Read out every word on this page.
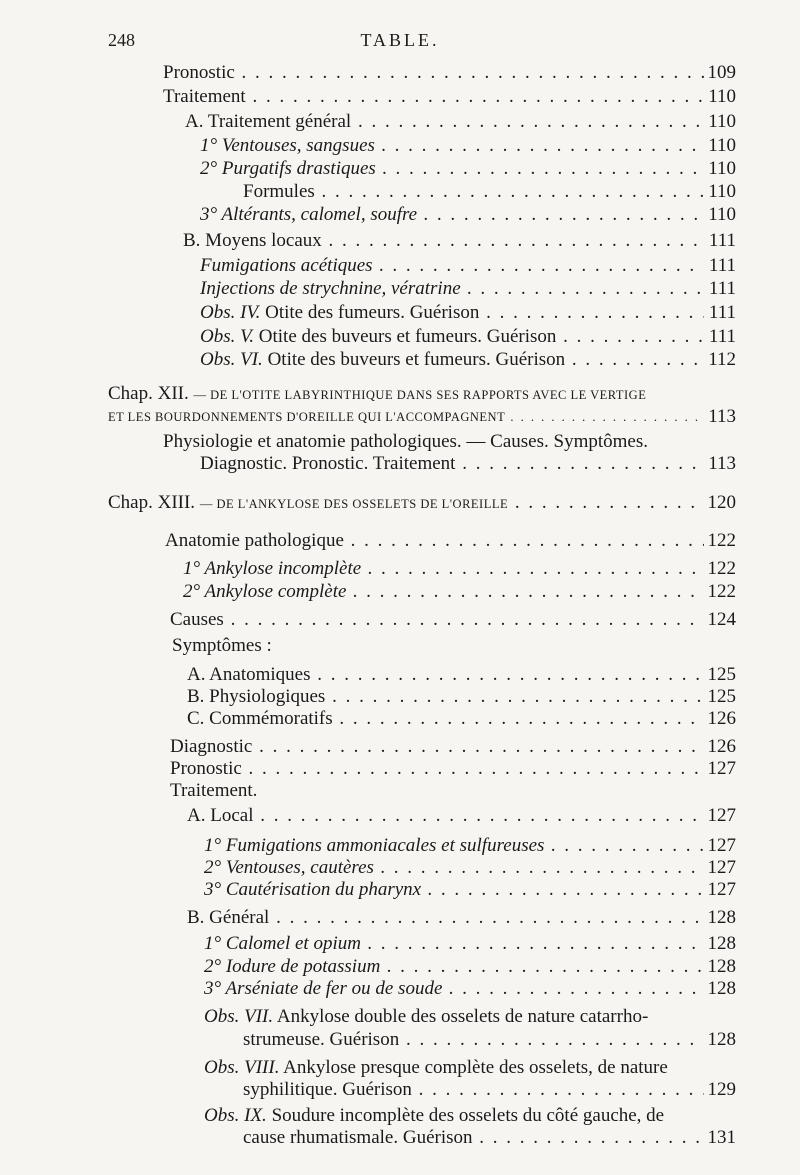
248	TABLE.
Pronostic . . .	109
Traitement . . .	110
A. Traitement général . . .	110
1° Ventouses, sangsues . . .	110
2° Purgatifs drastiques . . .	110
Formules . . .	110
3° Altérants, calomel, soufre . . .	110
B. Moyens locaux . . .	111
Fumigations acétiques . . .	111
Injections de strychnine, vératrine . . .	111
Obs. IV. Otite des fumeurs. Guérison . . .	111
Obs. V. Otite des buveurs et fumeurs. Guérison . . .	111
Obs. VI. Otite des buveurs et fumeurs. Guérison . . .	112
Chap. XII. — DE L'OTITE LABYRINTHIQUE DANS SES RAPPORTS AVEC LE VERTIGE
ET LES BOURDONNEMENTS D'OREILLE QUI L'ACCOMPAGNENT . . .	113
Physiologie et anatomie pathologiques. — Causes. Symptômes.
Diagnostic. Pronostic. Traitement . . .	113
Chap. XIII. — DE L'ANKYLOSE DES OSSELETS DE L'OREILLE . . .	120
Anatomie pathologique . . .	122
1° Ankylose incomplète . . .	122
2° Ankylose complète . . .	122
Causes . . .	124
Symptômes :
A. Anatomiques . . .	125
B. Physiologiques . . .	125
C. Commémoratifs . . .	126
Diagnostic . . .	126
Pronostic . . .	127
Traitement.
A. Local . . .	127
1° Fumigations ammoniacales et sulfureuses . . .	127
2° Ventouses, cautères . . .	127
3° Cautérisation du pharynx . . .	127
B. Général . . .	128
1° Calomel et opium . . .	128
2° Iodure de potassium . . .	128
3° Arséniate de fer ou de soude . . .	128
Obs. VII. Ankylose double des osselets de nature catarrho-
strumeuse. Guérison . . .	128
Obs. VIII. Ankylose presque complète des osselets, de nature
syphilitique. Guérison . . .	129
Obs. IX. Soudure incomplète des osselets du côté gauche, de
cause rhumatismale. Guérison . . .	131
